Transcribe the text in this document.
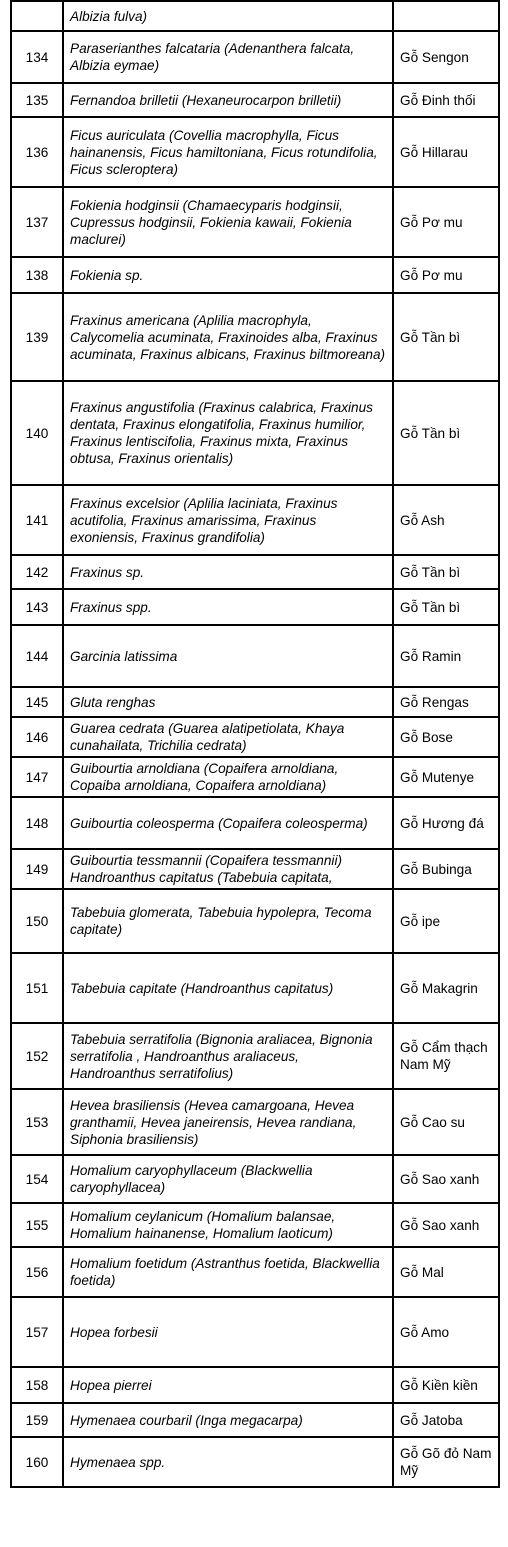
	Albizia fulva)	
134	Paraserianthes falcataria (Adenanthera falcata, Albizia eymae)	Gỗ Sengon
135	Fernandoa brilletii (Hexaneurocarpon brilletii)	Gỗ Đinh thối
136	Ficus auriculata (Covellia macrophylla, Ficus hainanensis, Ficus hamiltoniana, Ficus rotundifolia, Ficus scleroptera)	Gỗ Hillarau
137	Fokienia hodginsii (Chamaecyparis hodginsii, Cupressus hodginsii, Fokienia kawaii, Fokienia maclurei)	Gỗ Pơ mu
138	Fokienia sp.	Gỗ Pơ mu
139	Fraxinus americana (Aplilia macrophyla, Calycomelia acuminata, Fraxinoides alba, Fraxinus acuminata, Fraxinus albicans, Fraxinus biltmoreana)	Gỗ Tần bì
140	Fraxinus angustifolia (Fraxinus calabrica, Fraxinus dentata, Fraxinus elongatifolia, Fraxinus humilior, Fraxinus lentiscifolia, Fraxinus mixta, Fraxinus obtusa, Fraxinus orientalis)	Gỗ Tần bì
141	Fraxinus excelsior (Aplilia laciniata, Fraxinus acutifolia, Fraxinus amarissima, Fraxinus exoniensis, Fraxinus grandifolia)	Gỗ Ash
142	Fraxinus sp.	Gỗ Tần bì
143	Fraxinus spp.	Gỗ Tần bì
144	Garcinia latissima	Gỗ Ramin
145	Gluta renghas	Gỗ Rengas
146	Guarea cedrata (Guarea alatipetiolata, Khaya cunahailata, Trichilia cedrata)	Gỗ Bose
147	Guibourtia arnoldiana (Copaifera arnoldiana, Copaiba arnoldiana, Copaifera arnoldiana)	Gỗ Mutenye
148	Guibourtia coleosperma (Copaifera coleosperma)	Gỗ Hương đá
149	Guibourtia tessmannii (Copaifera tessmannii) Handroanthus capitatus (Tabebuia capitata,	Gỗ Bubinga
150	Tabebuia glomerata, Tabebuia hypolepra, Tecoma capitate)	Gỗ ipe
151	Tabebuia capitate (Handroanthus capitatus)	Gỗ Makagrin
152	Tabebuia serratifolia (Bignonia araliacea, Bignonia serratifolia , Handroanthus araliaceus, Handroanthus serratifolius)	Gỗ Cẩm thạch Nam Mỹ
153	Hevea brasiliensis (Hevea camargoana, Hevea granthamii, Hevea janeirensis, Hevea randiana, Siphonia brasiliensis)	Gỗ Cao su
154	Homalium caryophyllaceum (Blackwellia caryophyllacea)	Gỗ Sao xanh
155	Homalium ceylanicum (Homalium balansae, Homalium hainanense, Homalium laoticum)	Gỗ Sao xanh
156	Homalium foetidum (Astranthus foetida, Blackwellia foetida)	Gỗ Mal
157	Hopea forbesii	Gỗ Amo
158	Hopea pierrei	Gỗ Kiền kiền
159	Hymenaea courbaril (Inga megacarpa)	Gỗ Jatoba
160	Hymenaea spp.	Gỗ Gõ đỏ Nam Mỹ
